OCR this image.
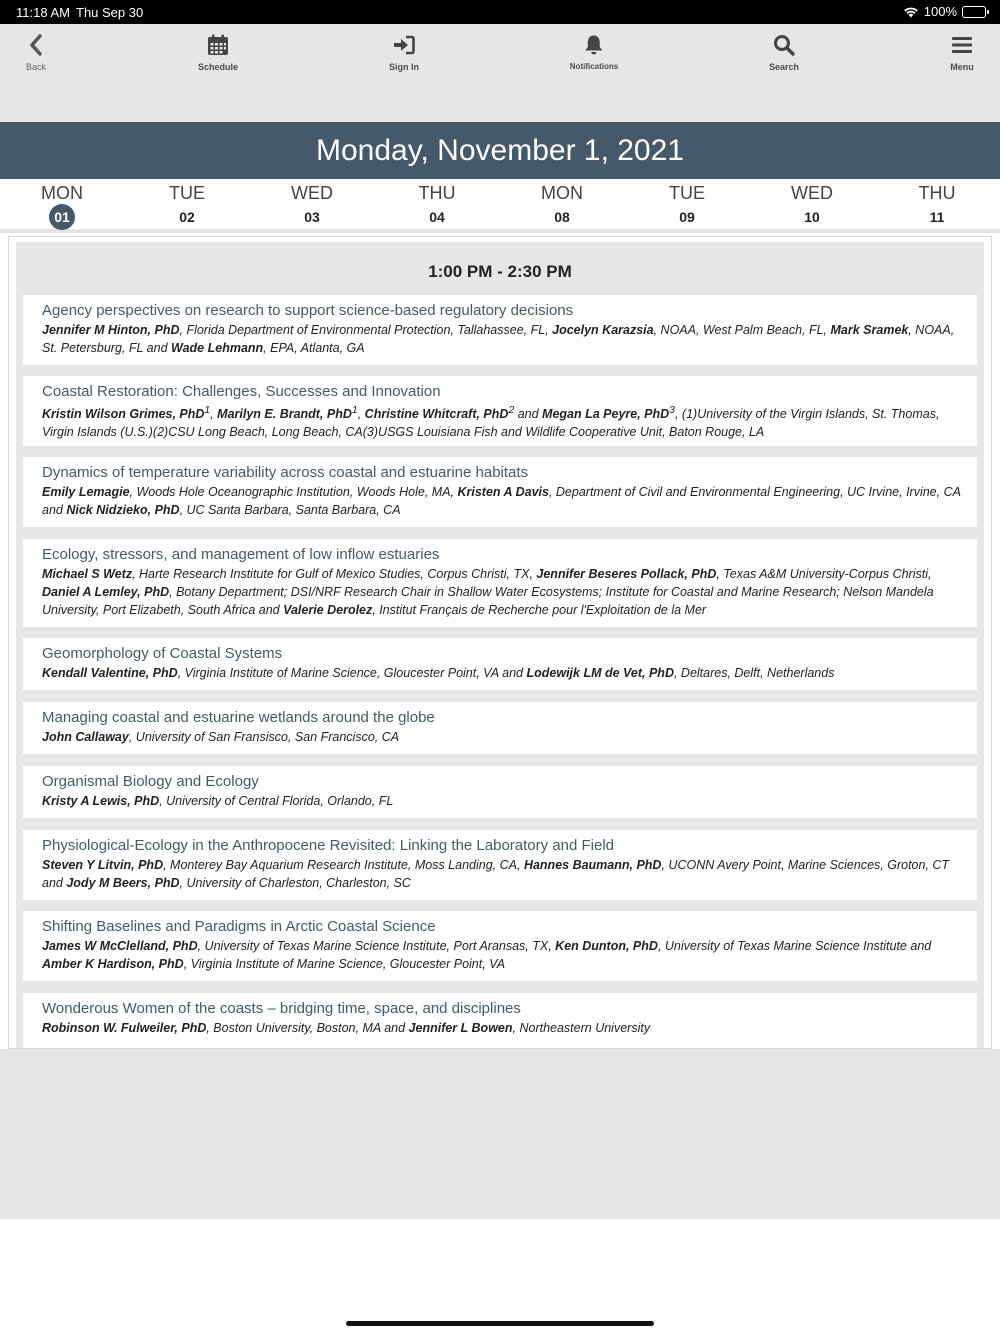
11:18 AM Thu Sep 30	100%
Back	Schedule	Sign In	Notifications	Search	Menu
Monday, November 1, 2021
MON
01
TUE
02
WED
03
THU
04
MON
08
TUE
09
WED
10
THU
11
1:00 PM - 2:30 PM
Agency perspectives on research to support science-based regulatory decisions
Jennifer M Hinton, PhD, Florida Department of Environmental Protection, Tallahassee, FL, Jocelyn Karazsia, NOAA, West Palm Beach, FL, Mark Sramek, NOAA, St. Petersburg, FL and Wade Lehmann, EPA, Atlanta, GA
Coastal Restoration: Challenges, Successes and Innovation
Kristin Wilson Grimes, PhD$^1$, Marilyn E. Brandt, PhD$^1$, Christine Whitcraft, PhD$^2$ and Megan La Peyre, PhD$^3$, (1)University of the Virgin Islands, St. Thomas, Virgin Islands (U.S.)(2)CSU Long Beach, Long Beach, CA(3)USGS Louisiana Fish and Wildlife Cooperative Unit, Baton Rouge, LA
Dynamics of temperature variability across coastal and estuarine habitats
Emily Lemagie, Woods Hole Oceanographic Institution, Woods Hole, MA, Kristen A Davis, Department of Civil and Environmental Engineering, UC Irvine, Irvine, CA and Nick Nidzieko, PhD, UC Santa Barbara, Santa Barbara, CA
Ecology, stressors, and management of low inflow estuaries
Michael S Wetz, Harte Research Institute for Gulf of Mexico Studies, Corpus Christi, TX, Jennifer Beseres Pollack, PhD, Texas A&M University-Corpus Christi, Daniel A Lemley, PhD, Botany Department; DSI/NRF Research Chair in Shallow Water Ecosystems; Institute for Coastal and Marine Research; Nelson Mandela University, Port Elizabeth, South Africa and Valerie Derolez, Institut Français de Recherche pour l'Exploitation de la Mer
Geomorphology of Coastal Systems
Kendall Valentine, PhD, Virginia Institute of Marine Science, Gloucester Point, VA and Lodewijk LM de Vet, PhD, Deltares, Delft, Netherlands
Managing coastal and estuarine wetlands around the globe
John Callaway, University of San Fransisco, San Francisco, CA
Organismal Biology and Ecology
Kristy A Lewis, PhD, University of Central Florida, Orlando, FL
Physiological-Ecology in the Anthropocene Revisited: Linking the Laboratory and Field
Steven Y Litvin, PhD, Monterey Bay Aquarium Research Institute, Moss Landing, CA, Hannes Baumann, PhD, UCONN Avery Point, Marine Sciences, Groton, CT and Jody M Beers, PhD, University of Charleston, Charleston, SC
Shifting Baselines and Paradigms in Arctic Coastal Science
James W McClelland, PhD, University of Texas Marine Science Institute, Port Aransas, TX, Ken Dunton, PhD, University of Texas Marine Science Institute and Amber K Hardison, PhD, Virginia Institute of Marine Science, Gloucester Point, VA
Wonderous Women of the coasts – bridging time, space, and disciplines
Robinson W. Fulweiler, PhD, Boston University, Boston, MA and Jennifer L Bowen, Northeastern University
